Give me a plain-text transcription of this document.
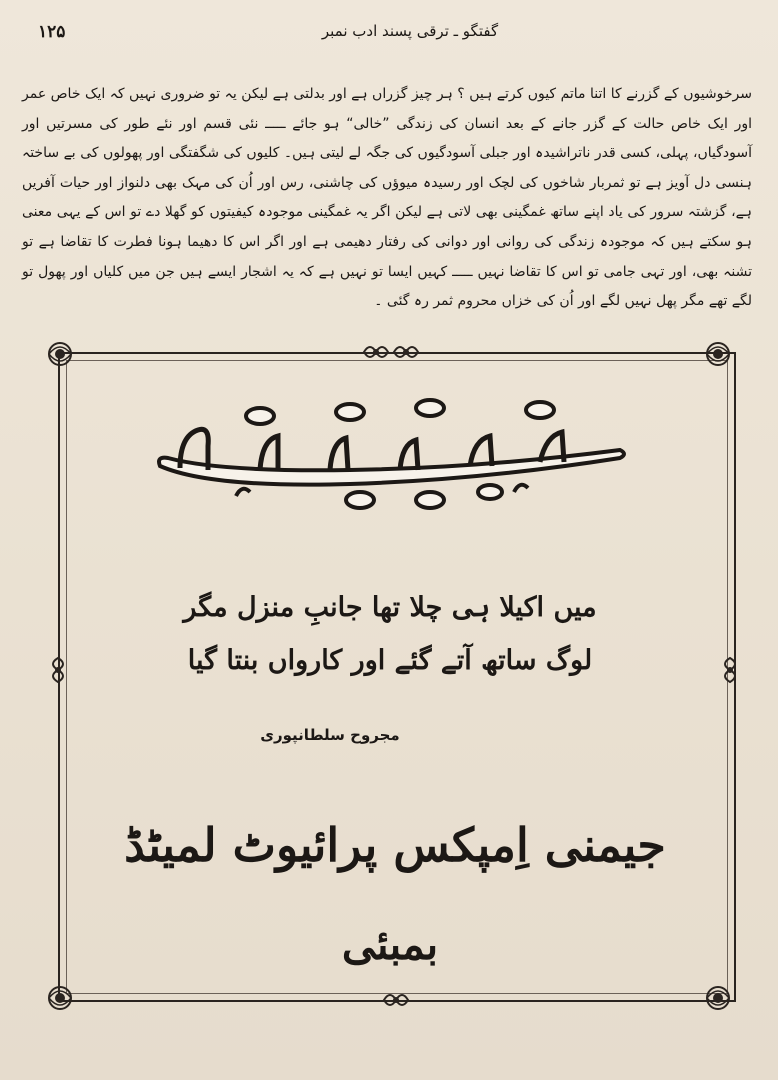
۱۲۵	گفتگو ـ ترقی پسند ادب نمبر

سرخوشیوں کے گزرنے کا اتنا ماتم کیوں کرتے ہیں ؟ ہر چیز گزراں ہے اور بدلتی ہے لیکن یہ تو ضروری نہیں کہ ایک خاص عمر اور ایک خاص حالت کے گزر جانے کے بعد انسان کی زندگی ”خالی“ ہو جائے ـــــ نئی قسم اور نئے طور کی مسرتیں اور آسودگیاں، پہلی، کسی قدر ناتراشیدہ اور جبلی آسودگیوں کی جگہ لے لیتی ہیں۔ کلیوں کی شگفتگی اور پھولوں کی بے ساختہ ہنسی دل آویز ہے تو ثمربار شاخوں کی لچک اور رسیدہ میوؤں کی چاشنی، رس اور اُن کی مہک بھی دلنواز اور حیات آفریں ہے، گزشتہ سرور کی یاد اپنے ساتھ غمگینی بھی لاتی ہے لیکن اگر یہ غمگینی موجودہ کیفیتوں کو گھلا دے تو اس کے یہی معنی ہو سکتے ہیں کہ موجودہ زندگی کی روانی اور دوانی کی رفتار دھیمی ہے اور اگر اس کا دھیما ہونا فطرت کا تقاضا ہے تو تشنہ بھی، اور تہی جامی تو اس کا تقاضا نہیں ـــــ کہیں ایسا تو نہیں ہے کہ یہ اشجار ایسے ہیں جن میں کلیاں اور پھول تو لگے تھے مگر پھل نہیں لگے اور اُن کی خزاں محروم ثمر رہ گئی ۔

میں اکیلا ہی چلا تھا جانبِ منزل مگر

لوگ ساتھ آتے گئے اور کارواں بنتا گیا

مجروح سلطانپوری
جیمنی اِمپکس پرائیوٹ لمیٹڈ
بمبئی
